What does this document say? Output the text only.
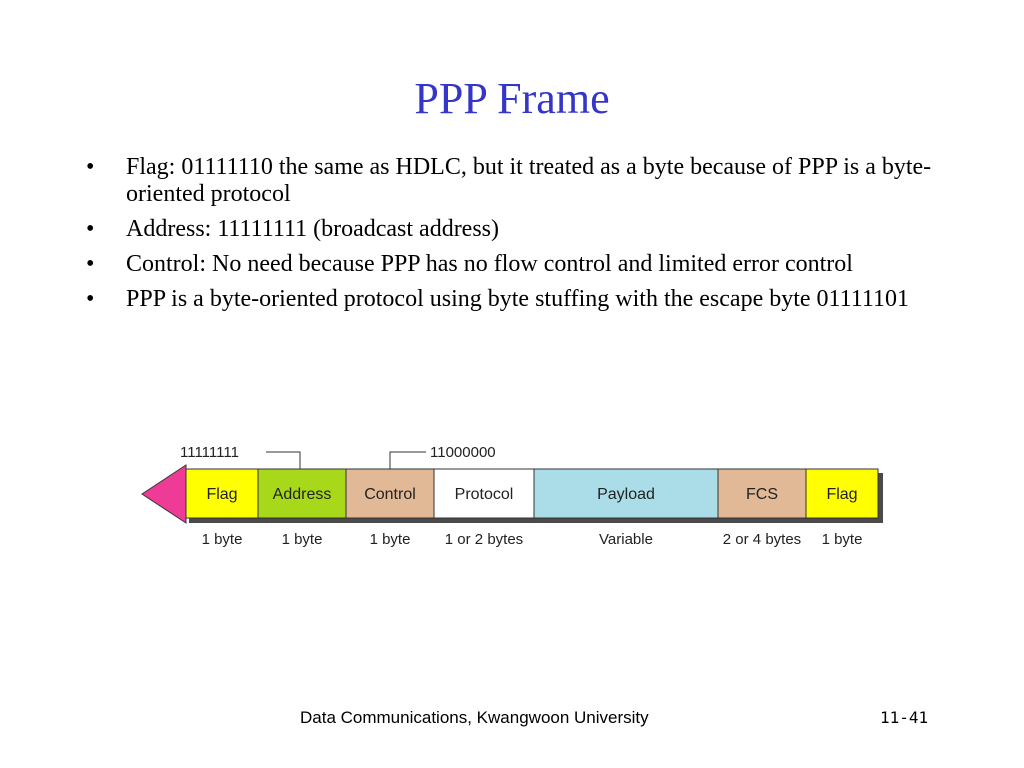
PPP Frame
• Flag: 01111110 the same as HDLC, but it treated as a byte because of PPP is a byte-oriented protocol
• Address: 11111111 (broadcast address)
• Control: No need because PPP has no flow control and limited error control
• PPP is a byte-oriented protocol using byte stuffing with the escape byte 01111101
Flag Address Control Protocol	Payload	FCS	Flag
1 byte	1 byte	1 byte 1 or 2 bytes	Variable	2 or 4 bytes 1 byte
11111111	11000000
Data Communications, Kwangwoon University	11-41
